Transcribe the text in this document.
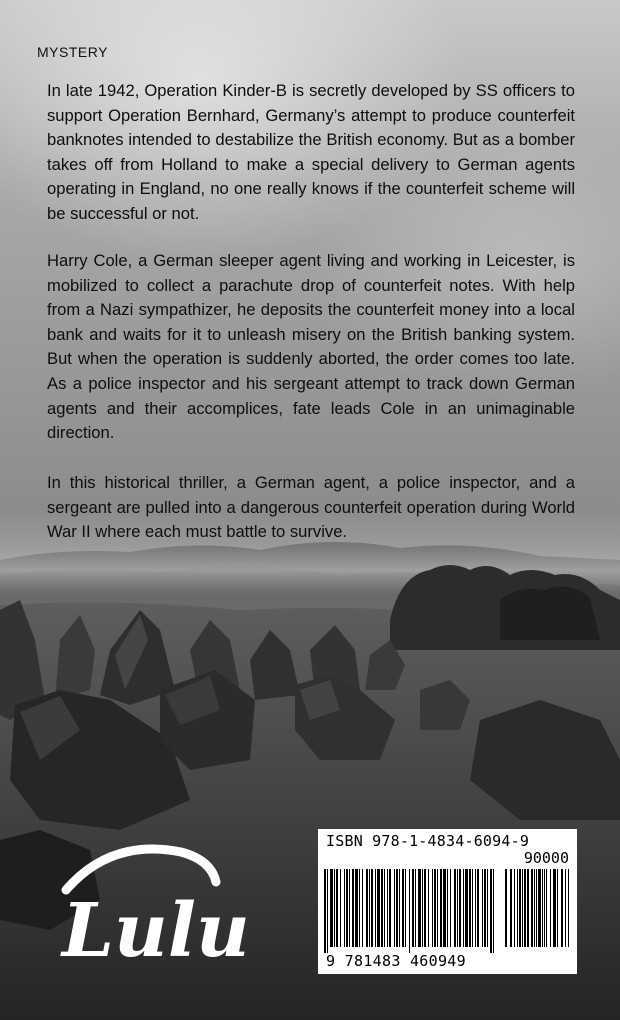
MYSTERY

In late 1942, Operation Kinder-B is secretly developed by SS officers to support Operation Bernhard, Germany’s attempt to produce counterfeit banknotes intended to destabilize the British economy. But as a bomber takes off from Holland to make a special delivery to German agents operating in England, no one really knows if the counterfeit scheme will be successful or not.

Harry Cole, a German sleeper agent living and working in Leicester, is mobilized to collect a parachute drop of counterfeit notes. With help from a Nazi sympathizer, he deposits the counterfeit money into a local bank and waits for it to unleash misery on the British banking system. But when the operation is suddenly aborted, the order comes too late. As a police inspector and his sergeant attempt to track down German agents and their accomplices, fate leads Cole in an unimaginable direction.

In this historical thriller, a German agent, a police inspector, and a sergeant are pulled into a dangerous counterfeit operation during World War II where each must battle to survive.

Lulu
ISBN 978-1-4834-6094-9
90000
9 781483 460949
